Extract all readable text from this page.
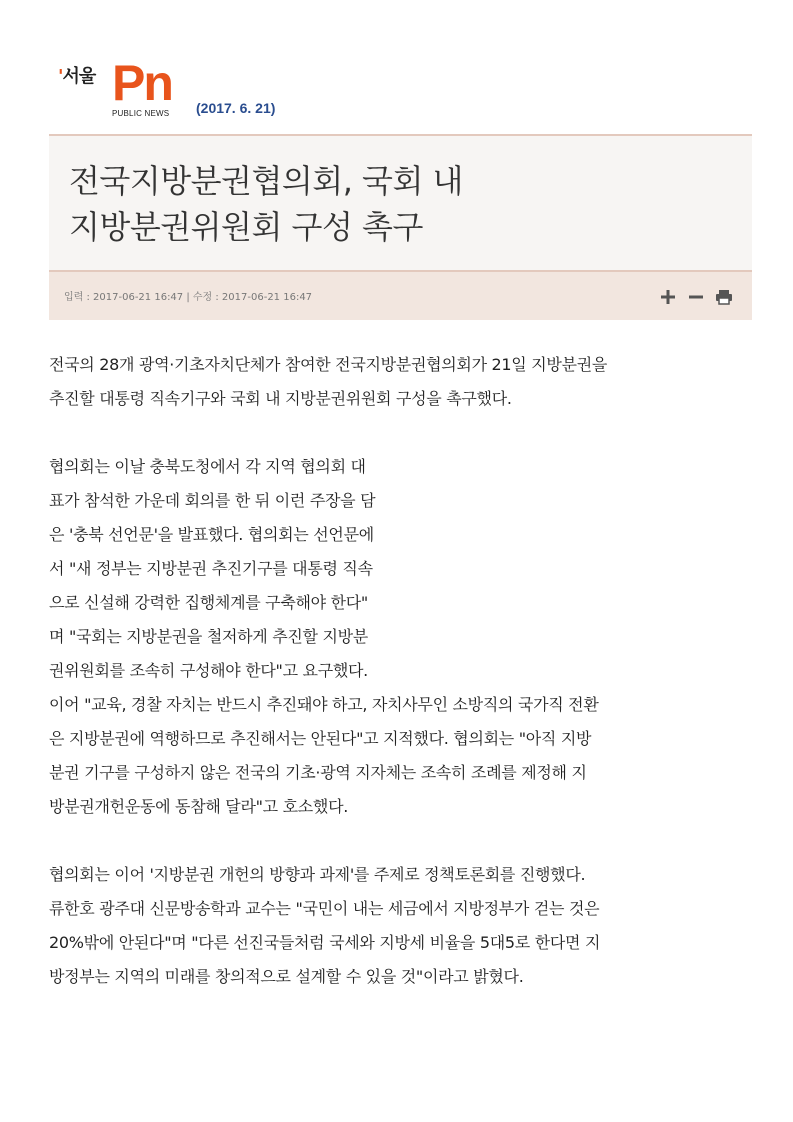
'서울 Pn
PUBLIC NEWS (2017. 6. 21)
전국지방분권협의회, 국회 내
지방분권위원회 구성 촉구
입력 : 2017-06-21 16:47 | 수정 : 2017-06-21 16:47
전국의 28개 광역·기초자치단체가 참여한 전국지방분권협의회가 21일 지방분권을
추진할 대통령 직속기구와 국회 내 지방분권위원회 구성을 촉구했다.
협의회는 이날 충북도청에서 각 지역 협의회 대
표가 참석한 가운데 회의를 한 뒤 이런 주장을 담
은 '충북 선언문'을 발표했다. 협의회는 선언문에
서 "새 정부는 지방분권 추진기구를 대통령 직속
으로 신설해 강력한 집행체계를 구축해야 한다"
며 "국회는 지방분권을 철저하게 추진할 지방분
권위원회를 조속히 구성해야 한다"고 요구했다.
이어 "교육, 경찰 자치는 반드시 추진돼야 하고, 자치사무인 소방직의 국가직 전환
은 지방분권에 역행하므로 추진해서는 안된다"고 지적했다. 협의회는 "아직 지방
분권 기구를 구성하지 않은 전국의 기초·광역 지자체는 조속히 조례를 제정해 지
방분권개헌운동에 동참해 달라"고 호소했다.
협의회는 이어 '지방분권 개헌의 방향과 과제'를 주제로 정책토론회를 진행했다.
류한호 광주대 신문방송학과 교수는 "국민이 내는 세금에서 지방정부가 걷는 것은
20%밖에 안된다"며 "다른 선진국들처럼 국세와 지방세 비율을 5대5로 한다면 지
방정부는 지역의 미래를 창의적으로 설계할 수 있을 것"이라고 밝혔다.
